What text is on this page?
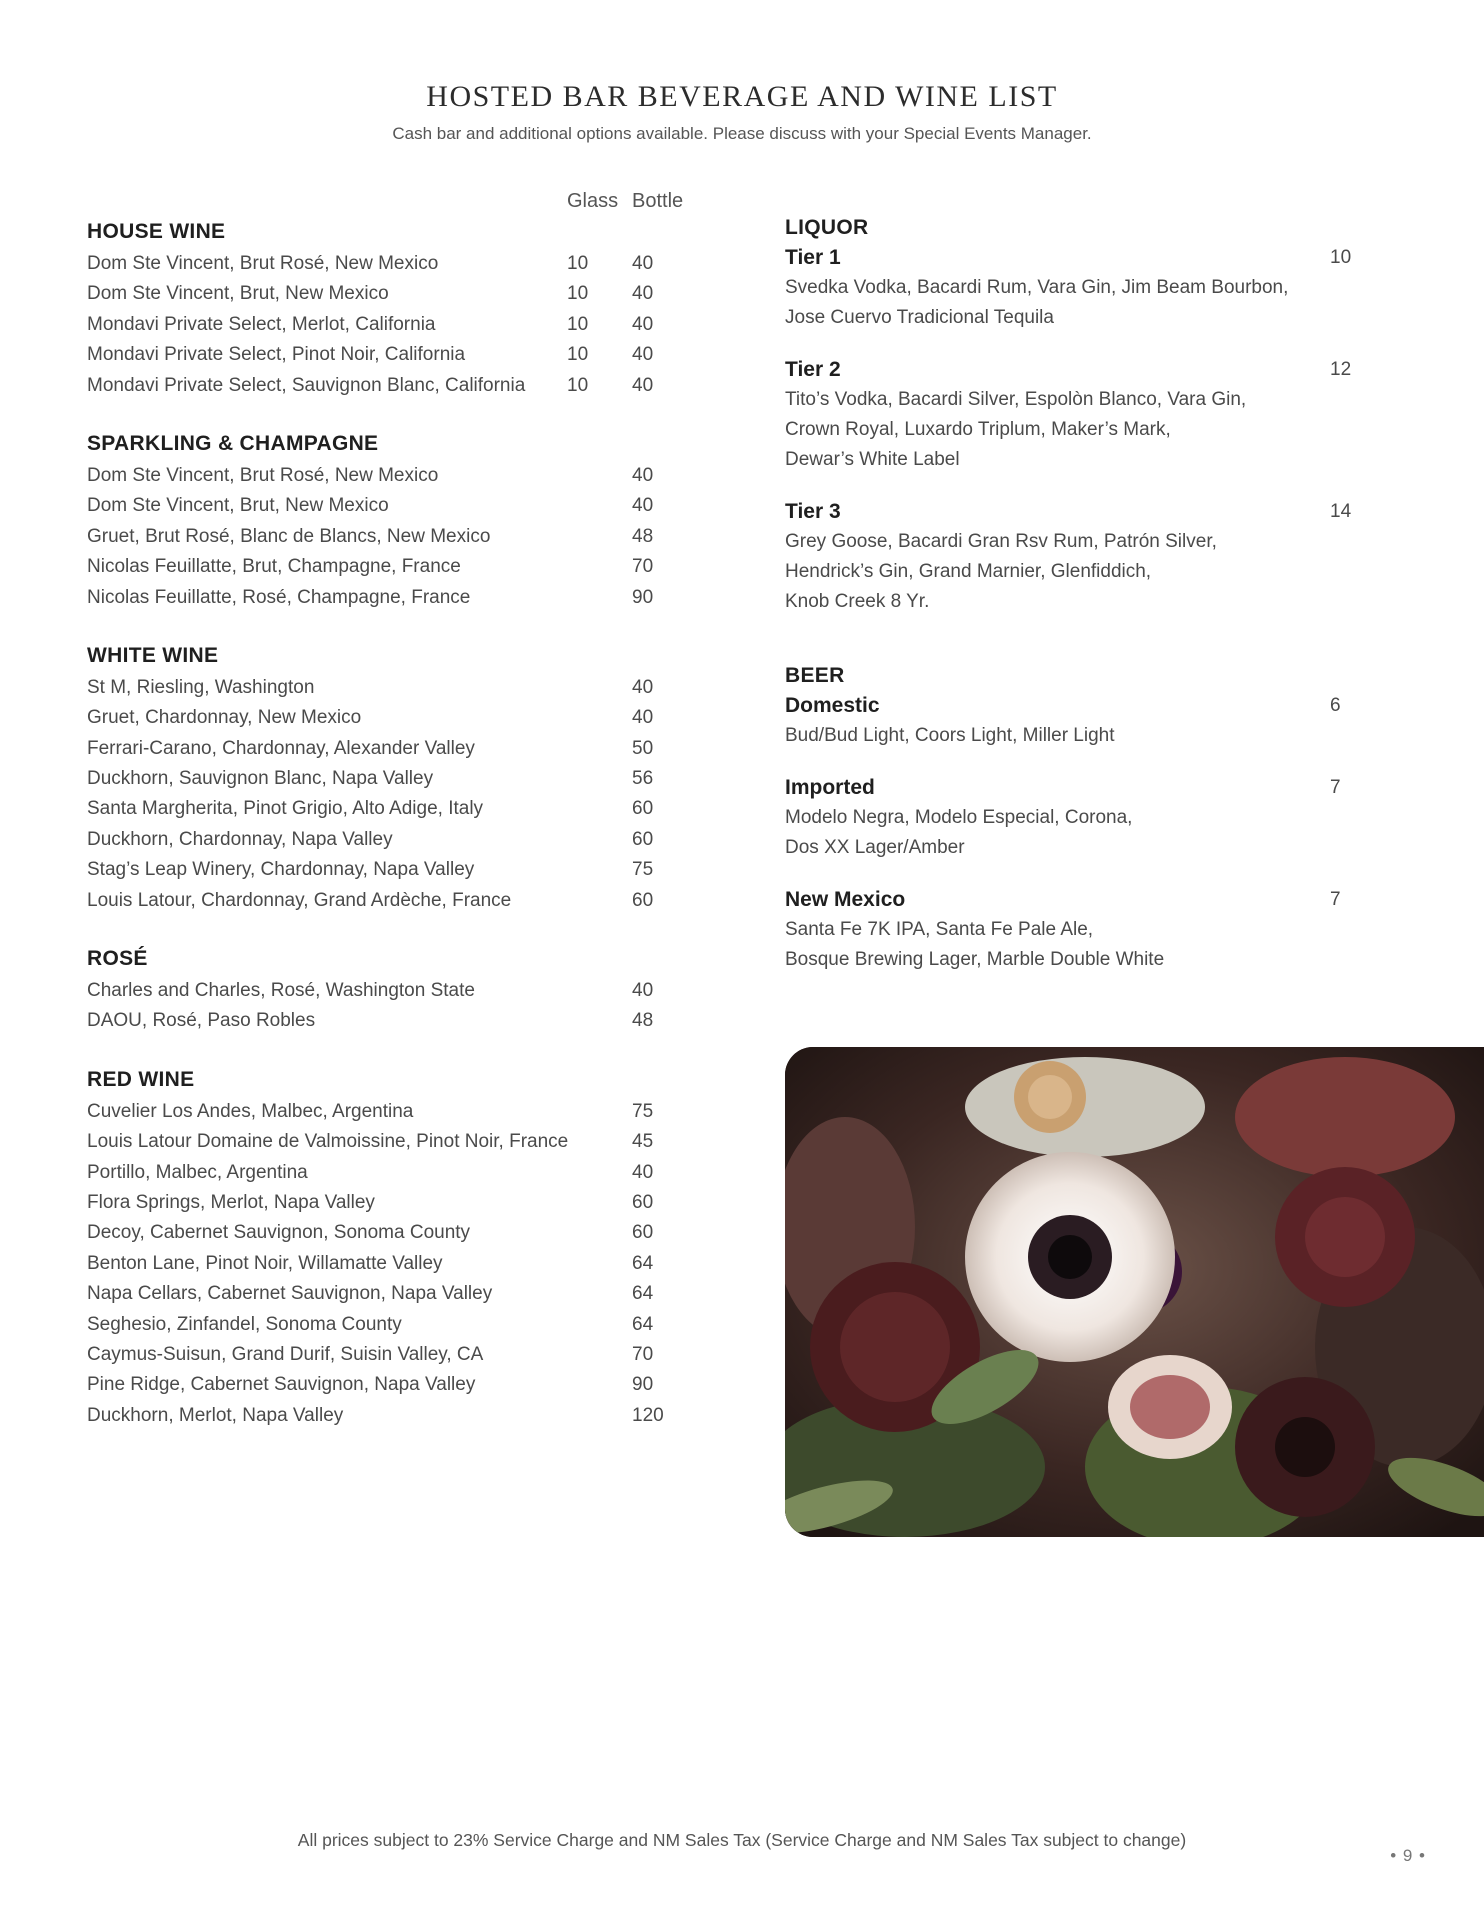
HOSTED BAR BEVERAGE AND WINE LIST
Cash bar and additional options available. Please discuss with your Special Events Manager.
Glass Bottle
HOUSE WINE
Dom Ste Vincent, Brut Rosé, New Mexico	10 40
Dom Ste Vincent, Brut, New Mexico	10 40
Mondavi Private Select, Merlot, California	10 40
Mondavi Private Select, Pinot Noir, California	10 40
Mondavi Private Select, Sauvignon Blanc, California 10 40
SPARKLING & CHAMPAGNE
Dom Ste Vincent, Brut Rosé, New Mexico	40
Dom Ste Vincent, Brut, New Mexico	40
Gruet, Brut Rosé, Blanc de Blancs, New Mexico	48
Nicolas Feuillatte, Brut, Champagne, France	70
Nicolas Feuillatte, Rosé, Champagne, France	90
WHITE WINE
St M, Riesling, Washington	40
Gruet, Chardonnay, New Mexico	40
Ferrari-Carano, Chardonnay, Alexander Valley	50
Duckhorn, Sauvignon Blanc, Napa Valley	56
Santa Margherita, Pinot Grigio, Alto Adige, Italy	60
Duckhorn, Chardonnay, Napa Valley	60
Stag’s Leap Winery, Chardonnay, Napa Valley	75
Louis Latour, Chardonnay, Grand Ardèche, France	60
ROSÉ
Charles and Charles, Rosé, Washington State	40
DAOU, Rosé, Paso Robles	48
RED WINE
Cuvelier Los Andes, Malbec, Argentina	75
Louis Latour Domaine de Valmoissine, Pinot Noir, France	45
Portillo, Malbec, Argentina	40
Flora Springs, Merlot, Napa Valley	60
Decoy, Cabernet Sauvignon, Sonoma County	60
Benton Lane, Pinot Noir, Willamatte Valley	64
Napa Cellars, Cabernet Sauvignon, Napa Valley	64
Seghesio, Zinfandel, Sonoma County	64
Caymus-Suisun, Grand Durif, Suisin Valley, CA	70
Pine Ridge, Cabernet Sauvignon, Napa Valley	90
Duckhorn, Merlot, Napa Valley	120
LIQUOR
Tier 1	10
Svedka Vodka, Bacardi Rum, Vara Gin, Jim Beam Bourbon,
Jose Cuervo Tradicional Tequila
Tier 2	12
Tito’s Vodka, Bacardi Silver, Espolòn Blanco, Vara Gin,
Crown Royal, Luxardo Triplum, Maker’s Mark,
Dewar’s White Label
Tier 3	14
Grey Goose, Bacardi Gran Rsv Rum, Patrón Silver,
Hendrick’s Gin, Grand Marnier, Glenfiddich,
Knob Creek 8 Yr.
BEER
Domestic	6
Bud/Bud Light, Coors Light, Miller Light
Imported	7
Modelo Negra, Modelo Especial, Corona,
Dos XX Lager/Amber
New Mexico	7
Santa Fe 7K IPA, Santa Fe Pale Ale,
Bosque Brewing Lager, Marble Double White
All prices subject to 23% Service Charge and NM Sales Tax (Service Charge and NM Sales Tax subject to change)
• 9 •
